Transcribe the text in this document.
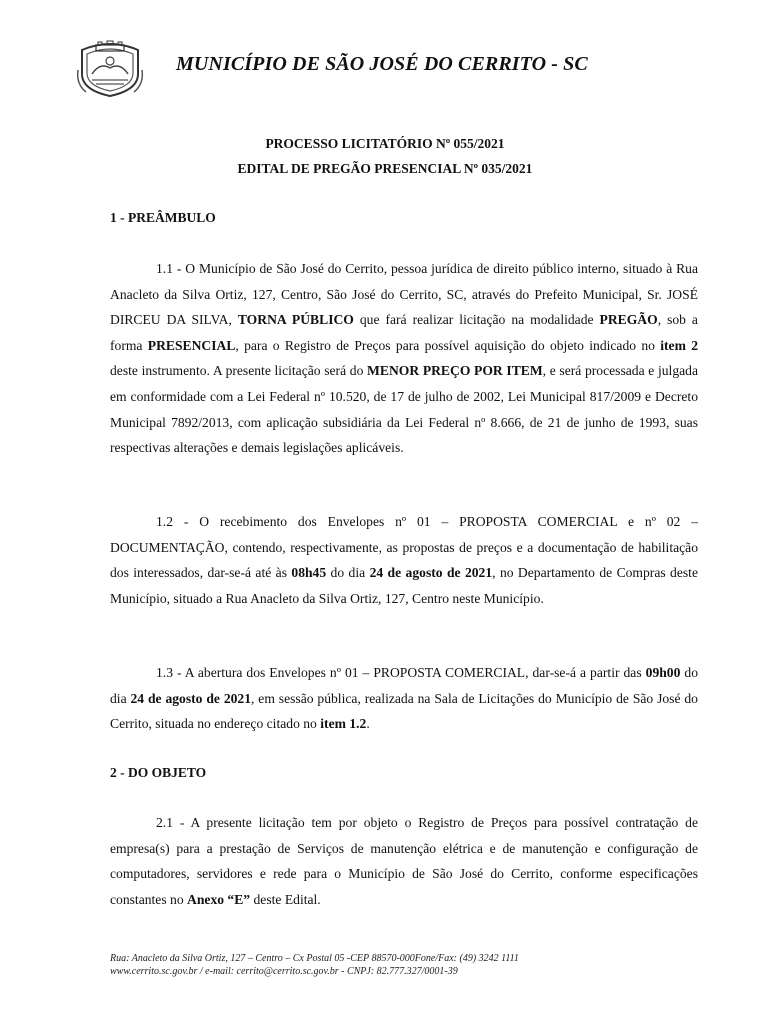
MUNICÍPIO DE SÃO JOSÉ DO CERRITO - SC
PROCESSO LICITATÓRIO Nº 055/2021
EDITAL DE PREGÃO PRESENCIAL Nº 035/2021
1 - PREÂMBULO

1.1 - O Município de São José do Cerrito, pessoa jurídica de direito público interno, situado à Rua Anacleto da Silva Ortiz, 127, Centro, São José do Cerrito, SC, através do Prefeito Municipal, Sr. JOSÉ DIRCEU DA SILVA, TORNA PÚBLICO que fará realizar licitação na modalidade PREGÃO, sob a forma PRESENCIAL, para o Registro de Preços para possível aquisição do objeto indicado no item 2 deste instrumento. A presente licitação será do MENOR PREÇO POR ITEM, e será processada e julgada em conformidade com a Lei Federal nº 10.520, de 17 de julho de 2002, Lei Municipal 817/2009 e Decreto Municipal 7892/2013, com aplicação subsidiária da Lei Federal nº 8.666, de 21 de junho de 1993, suas respectivas alterações e demais legislações aplicáveis.

1.2 - O recebimento dos Envelopes nº 01 – PROPOSTA COMERCIAL e nº 02 – DOCUMENTAÇÃO, contendo, respectivamente, as propostas de preços e a documentação de habilitação dos interessados, dar-se-á até às 08h45 do dia 24 de agosto de 2021, no Departamento de Compras deste Município, situado a Rua Anacleto da Silva Ortiz, 127, Centro neste Município.

1.3 - A abertura dos Envelopes nº 01 – PROPOSTA COMERCIAL, dar-se-á a partir das 09h00 do dia 24 de agosto de 2021, em sessão pública, realizada na Sala de Licitações do Município de São José do Cerrito, situada no endereço citado no item 1.2.

2 - DO OBJETO

2.1 - A presente licitação tem por objeto o Registro de Preços para possível contratação de empresa(s) para a prestação de Serviços de manutenção elétrica e de manutenção e configuração de computadores, servidores e rede para o Município de São José do Cerrito, conforme especificações constantes no Anexo “E” deste Edital.

Rua: Anacleto da Silva Ortiz, 127 – Centro – Cx Postal 05 -CEP 88570-000Fone/Fax: (49) 3242 1111
www.cerrito.sc.gov.br / e-mail: cerrito@cerrito.sc.gov.br - CNPJ: 82.777.327/0001-39
